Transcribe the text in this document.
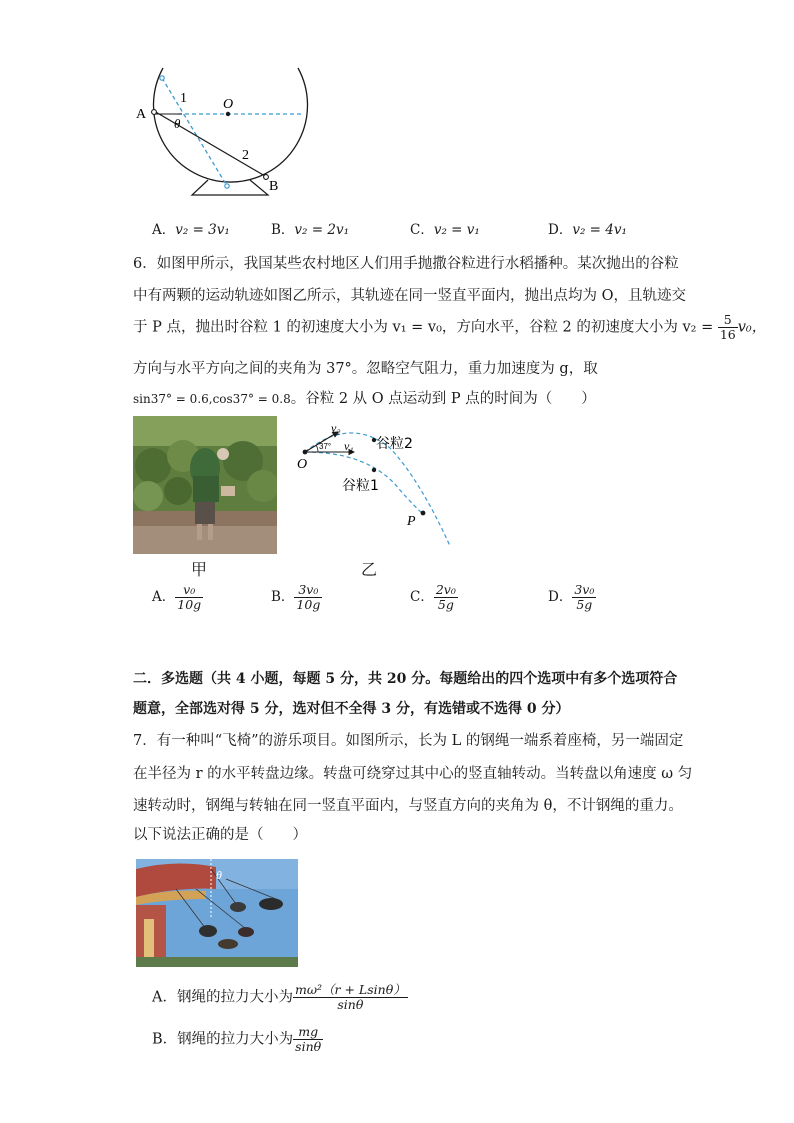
A
B
O
1
2
θ
A．v₂ = 3v₁	B．v₂ = 2v₁	C．v₂ = v₁	D．v₂ = 4v₁
6．如图甲所示，我国某些农村地区人们用手抛撒谷粒进行水稻播种。某次抛出的谷粒
中有两颗的运动轨迹如图乙所示，其轨迹在同一竖直平面内，抛出点均为 O，且轨迹交
于 P 点，抛出时谷粒 1 的初速度大小为 v₁ = v₀，方向水平，谷粒 2 的初速度大小为 $v_2 = \frac{5}{16} v_0$，
方向与水平方向之间的夹角为 37°。忽略空气阻力，重力加速度为 g，取
sin37° = 0.6,cos37° = 0.8。谷粒 2 从 O 点运动到 P 点的时间为（　　）
甲
O
P
v₂
v₁
37°	谷粒2
谷粒1
乙
A． $\frac{\text{v₀}}{10g}$	B． $\frac{\text{3v₀}}{10g}$	C． $\frac{\text{2v₀}}{5g}$	D． $\frac{\text{3v₀}}{5g}$
二．多选题（共 4 小题，每题 5 分，共 20 分。每题给出的四个选项中有多个选项符合
题意，全部选对得 5 分，选对但不全得 3 分，有选错或不选得 0 分）
7．有一种叫“飞椅”的游乐项目。如图所示，长为 L 的钢绳一端系着座椅，另一端固定
在半径为 r 的水平转盘边缘。转盘可绕穿过其中心的竖直轴转动。当转盘以角速度 ω 匀
速转动时，钢绳与转轴在同一竖直平面内，与竖直方向的夹角为 θ，不计钢绳的重力。
以下说法正确的是（　　）
θ
A．钢绳的拉力大小为 $\frac{\text{mω²（r + Lsinθ）}}{\sin\theta}$
B．钢绳的拉力大小为 $\frac{mg}{\sin\theta}$
